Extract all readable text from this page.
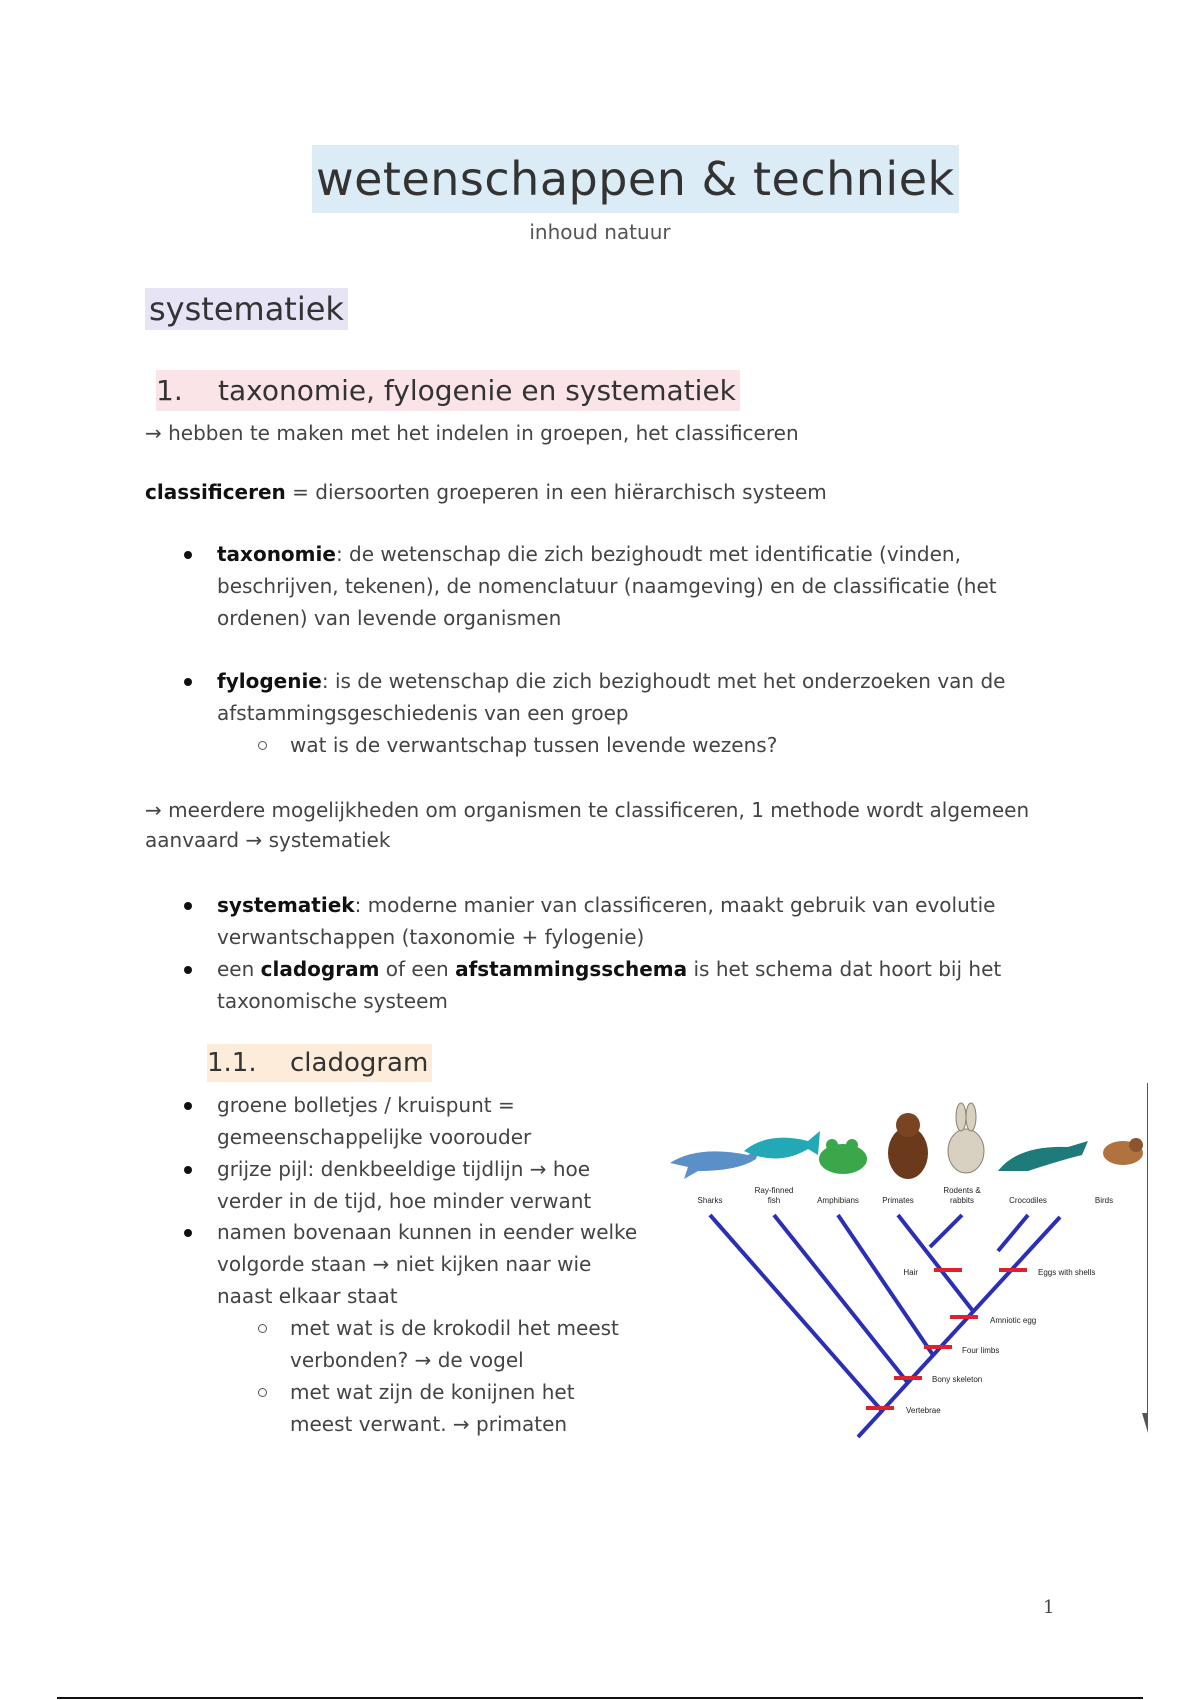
wetenschappen & techniek
inhoud natuur
systematiek
1. taxonomie, fylogenie en systematiek
→ hebben te maken met het indelen in groepen, het classificeren
classificeren = diersoorten groeperen in een hiërarchisch systeem
taxonomie: de wetenschap die zich bezighoudt met identificatie (vinden,
beschrijven, tekenen), de nomenclatuur (naamgeving) en de classificatie (het
ordenen) van levende organismen
fylogenie: is de wetenschap die zich bezighoudt met het onderzoeken van de
afstammingsgeschiedenis van een groep
wat is de verwantschap tussen levende wezens?
→ meerdere mogelijkheden om organismen te classificeren, 1 methode wordt algemeen
aanvaard → systematiek
systematiek: moderne manier van classificeren, maakt gebruik van evolutie
verwantschappen (taxonomie + fylogenie)
een cladogram of een afstammingsschema is het schema dat hoort bij het
taxonomische systeem
1.1. cladogram
groene bolletjes / kruispunt =
gemeenschappelijke voorouder
grijze pijl: denkbeeldige tijdlijn → hoe
verder in de tijd, hoe minder verwant
namen bovenaan kunnen in eender welke
volgorde staan → niet kijken naar wie
naast elkaar staat
met wat is de krokodil het meest
verbonden? → de vogel
met wat zijn de konijnen het
meest verwant. → primaten
Vertebrae
Bony skeleton
Four limbs
Amniotic egg
Hair	Eggs with shells
Sharks
Ray-finned
fish	Amphibians	Primates
Rodents &
rabbits	Crocodiles	Birds
1
